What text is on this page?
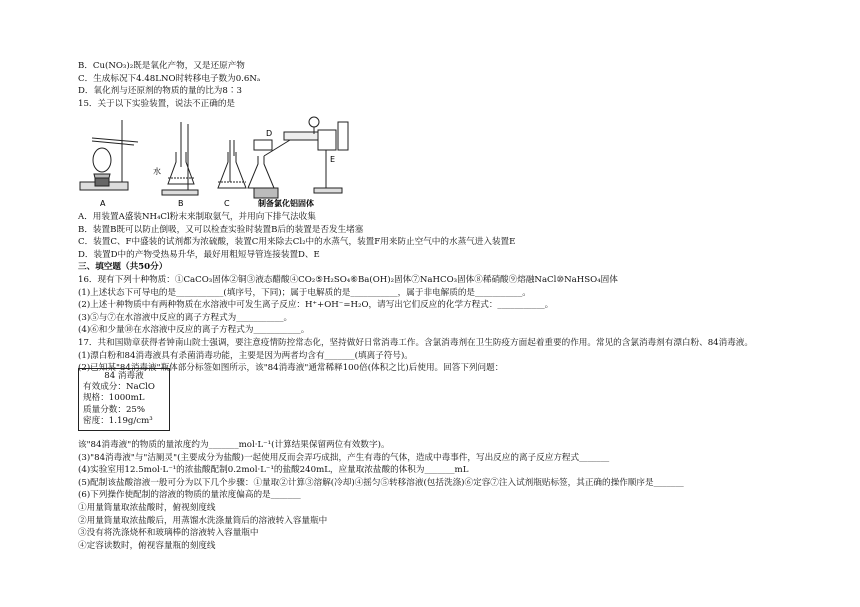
B．Cu(NO₃)₂既是氧化产物，又是还原产物
C．生成标况下4.48LNO时转移电子数为0.6Nₐ
D．氧化剂与还原剂的物质的量的比为8∶3
15．关于以下实验装置，说法不正确的是
A	B
水
C
D
E
制备氯化铝固体
A．用装置A盛装NH₄Cl粉末来制取氨气，并用向下排气法收集
B．装置B既可以防止倒吸，又可以检查实验时装置B后的装置是否发生堵塞
C．装置C、F中盛装的试剂都为浓硫酸，装置C用来除去Cl₂中的水蒸气，装置F用来防止空气中的水蒸气进入装置E
D．装置D中的产物受热易升华，最好用粗短导管连接装置D、E
三、填空题（共50分）
16．现有下列十种物质：①CaCO₃固体②铜③液态醋酸④CO₂⑤H₂SO₄⑥Ba(OH)₂固体⑦NaHCO₃固体⑧稀硝酸⑨熔融NaCl⑩NaHSO₄固体
(1)上述状态下可导电的是___________(填序号，下同)；属于电解质的是___________，属于非电解质的是___________。
(2)上述十种物质中有两种物质在水溶液中可发生离子反应：H⁺+OH⁻=H₂O，请写出它们反应的化学方程式：___________。
(3)⑤与⑦在水溶液中反应的离子方程式为___________。
(4)⑥和少量⑩在水溶液中反应的离子方程式为___________。
17．共和国勋章获得者钟南山院士强调，要注意疫情防控常态化，坚持做好日常消毒工作。含氯消毒剂在卫生防疫方面起着重要的作用。常见的含氯消毒剂有漂白粉、84消毒液。
(1)漂白粉和84消毒液具有杀菌消毒功能，主要是因为两者均含有_______(填离子符号)。
(2)已知某"84消毒液"瓶体部分标签如图所示，该"84消毒液"通常稀释100倍(体积之比)后使用。回答下列问题：
84 消毒液
有效成分：NaClO
规格：1000mL
质量分数：25%
密度：1.19g/cm³
该"84消毒液"的物质的量浓度约为_______mol·L⁻¹(计算结果保留两位有效数字)。
(3)"84消毒液"与"洁厕灵"(主要成分为盐酸)一起使用反而会弄巧成拙，产生有毒的气体，造成中毒事件，写出反应的离子反应方程式_______
(4)实验室用12.5mol·L⁻¹的浓盐酸配制0.2mol·L⁻¹的盐酸240mL，应量取浓盐酸的体积为_______mL
(5)配制该盐酸溶液一般可分为以下几个步骤：①量取②计算③溶解(冷却)④摇匀⑤转移溶液(包括洗涤)⑥定容⑦注入试剂瓶贴标签，其正确的操作顺序是_______
(6)下列操作使配制的溶液的物质的量浓度偏高的是_______
①用量筒量取浓盐酸时，俯视刻度线
②用量筒量取浓盐酸后，用蒸馏水洗涤量筒后的溶液转入容量瓶中
③没有将洗涤烧杯和玻璃棒的溶液转入容量瓶中
④定容读数时，俯视容量瓶的刻度线
